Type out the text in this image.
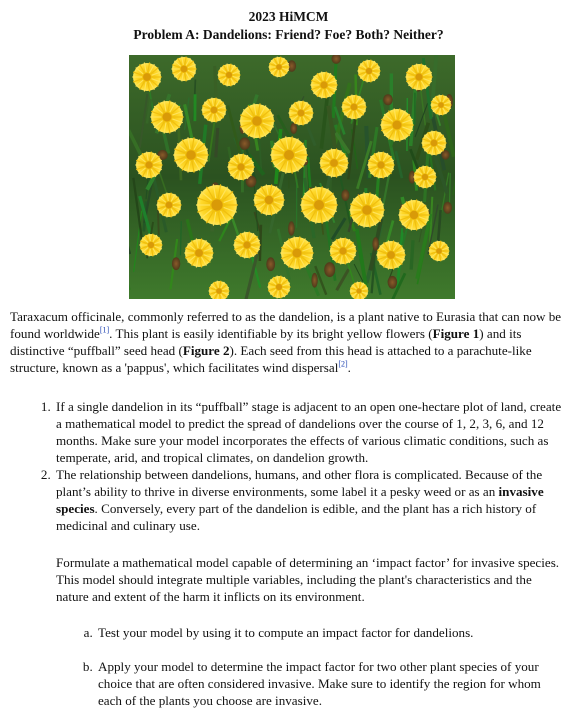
2023 HiMCM
Problem A: Dandelions: Friend? Foe? Both? Neither?

Taraxacum officinale, commonly referred to as the dandelion, is a plant native to Eurasia that can now be found worldwide[1]. This plant is easily identifiable by its bright yellow flowers (Figure 1) and its distinctive “puffball” seed head (Figure 2). Each seed from this head is attached to a parachute-like structure, known as a 'pappus', which facilitates wind dispersal[2].

1. If a single dandelion in its “puffball” stage is adjacent to an open one-hectare plot of land, create a mathematical model to predict the spread of dandelions over the course of 1, 2, 3, 6, and 12 months. Make sure your model incorporates the effects of various climatic conditions, such as temperate, arid, and tropical climates, on dandelion growth.
2. The relationship between dandelions, humans, and other flora is complicated. Because of the plant’s ability to thrive in diverse environments, some label it a pesky weed or as an invasive species. Conversely, every part of the dandelion is edible, and the plant has a rich history of medicinal and culinary use.

Formulate a mathematical model capable of determining an ‘impact factor’ for invasive species. This model should integrate multiple variables, including the plant's characteristics and the nature and extent of the harm it inflicts on its environment.

a. Test your model by using it to compute an impact factor for dandelions.
b. Apply your model to determine the impact factor for two other plant species of your choice that are often considered invasive. Make sure to identify the region for whom each of the plants you choose are invasive.
